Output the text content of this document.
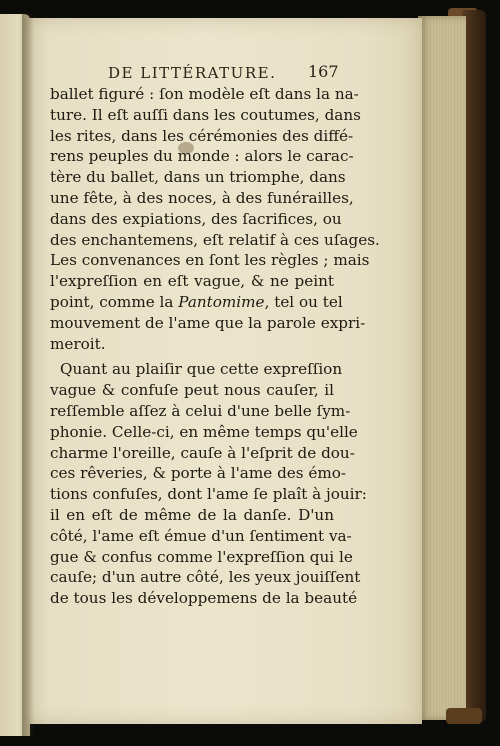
DE LITTÉRATURE. 167
ballet figuré : ſon modèle eſt dans la na-
ture. Il eſt auſſi dans les coutumes, dans
les rites, dans les cérémonies des diffé-
rens peuples du monde : alors le carac-
tère du ballet, dans un triomphe, dans
une fête, à des noces, à des funérailles,
dans des expiations, des ſacrifices, ou
des enchantemens, eſt relatif à ces uſages.
Les convenances en ſont les règles ; mais
l'expreſſion en eſt vague, & ne peint
point, comme la Pantomime, tel ou tel
mouvement de l'ame que la parole expri-
meroit.
Quant au plaiſir que cette expreſſion
vague & confuſe peut nous cauſer, il
reſſemble aſſez à celui d'une belle ſym-
phonie. Celle-ci, en même temps qu'elle
charme l'oreille, cauſe à l'eſprit de dou-
ces rêveries, & porte à l'ame des émo-
tions confuſes, dont l'ame ſe plaît à jouir:
il en eſt de même de la danſe. D'un
côté, l'ame eſt émue d'un ſentiment va-
gue & confus comme l'expreſſion qui le
cauſe; d'un autre côté, les yeux jouiſſent
de tous les développemens de la beauté
